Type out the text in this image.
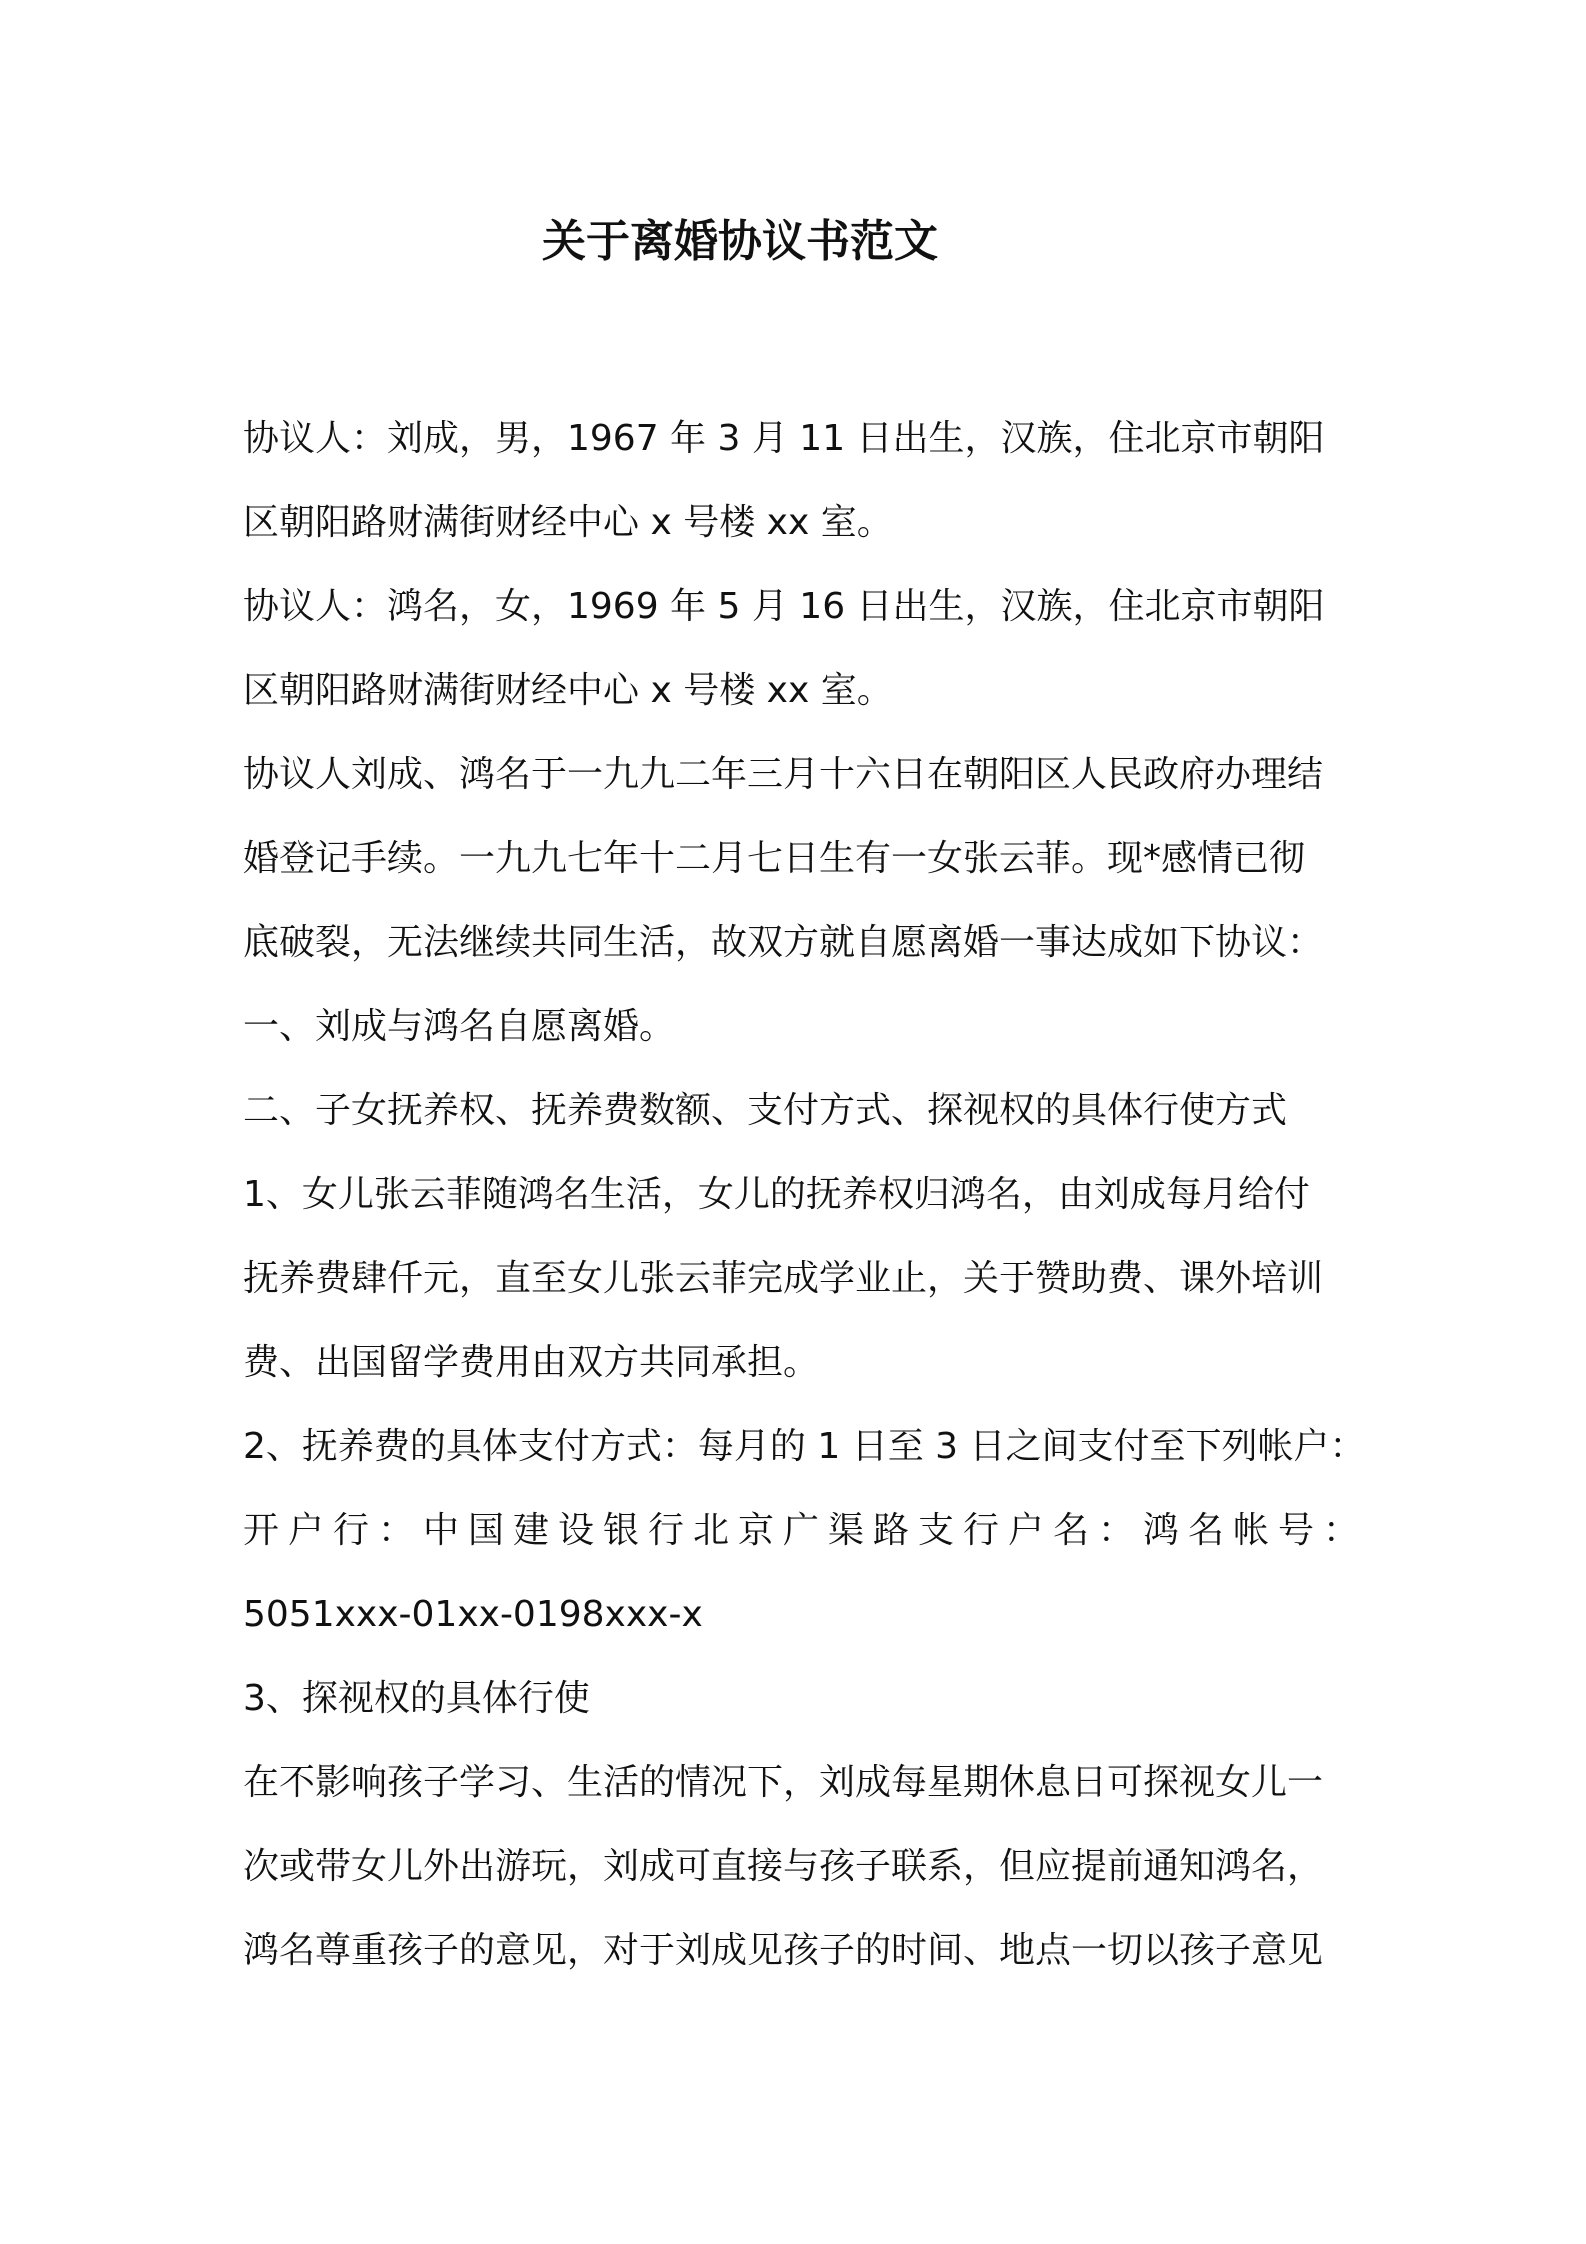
关于离婚协议书范文

协议人：刘成，男，1967 年 3 月 11 日出生，汉族，住北京市朝阳

区朝阳路财满街财经中心 x 号楼 xx 室。

协议人：鸿名，女，1969 年 5 月 16 日出生，汉族，住北京市朝阳

区朝阳路财满街财经中心 x 号楼 xx 室。

协议人刘成、鸿名于一九九二年三月十六日在朝阳区人民政府办理结

婚登记手续。一九九七年十二月七日生有一女张云菲。现*感情已彻

底破裂，无法继续共同生活，故双方就自愿离婚一事达成如下协议：

一、刘成与鸿名自愿离婚。

二、子女抚养权、抚养费数额、支付方式、探视权的具体行使方式

1、女儿张云菲随鸿名生活，女儿的抚养权归鸿名，由刘成每月给付

抚养费肆仟元，直至女儿张云菲完成学业止，关于赞助费、课外培训

费、出国留学费用由双方共同承担。

2、抚养费的具体支付方式：每月的 1 日至 3 日之间支付至下列帐户：

开户行：中国建设银行北京广渠路支行户名：鸿名帐号：

5051xxx-01xx-0198xxx-x

3、探视权的具体行使

在不影响孩子学习、生活的情况下，刘成每星期休息日可探视女儿一

次或带女儿外出游玩，刘成可直接与孩子联系，但应提前通知鸿名，

鸿名尊重孩子的意见，对于刘成见孩子的时间、地点一切以孩子意见
